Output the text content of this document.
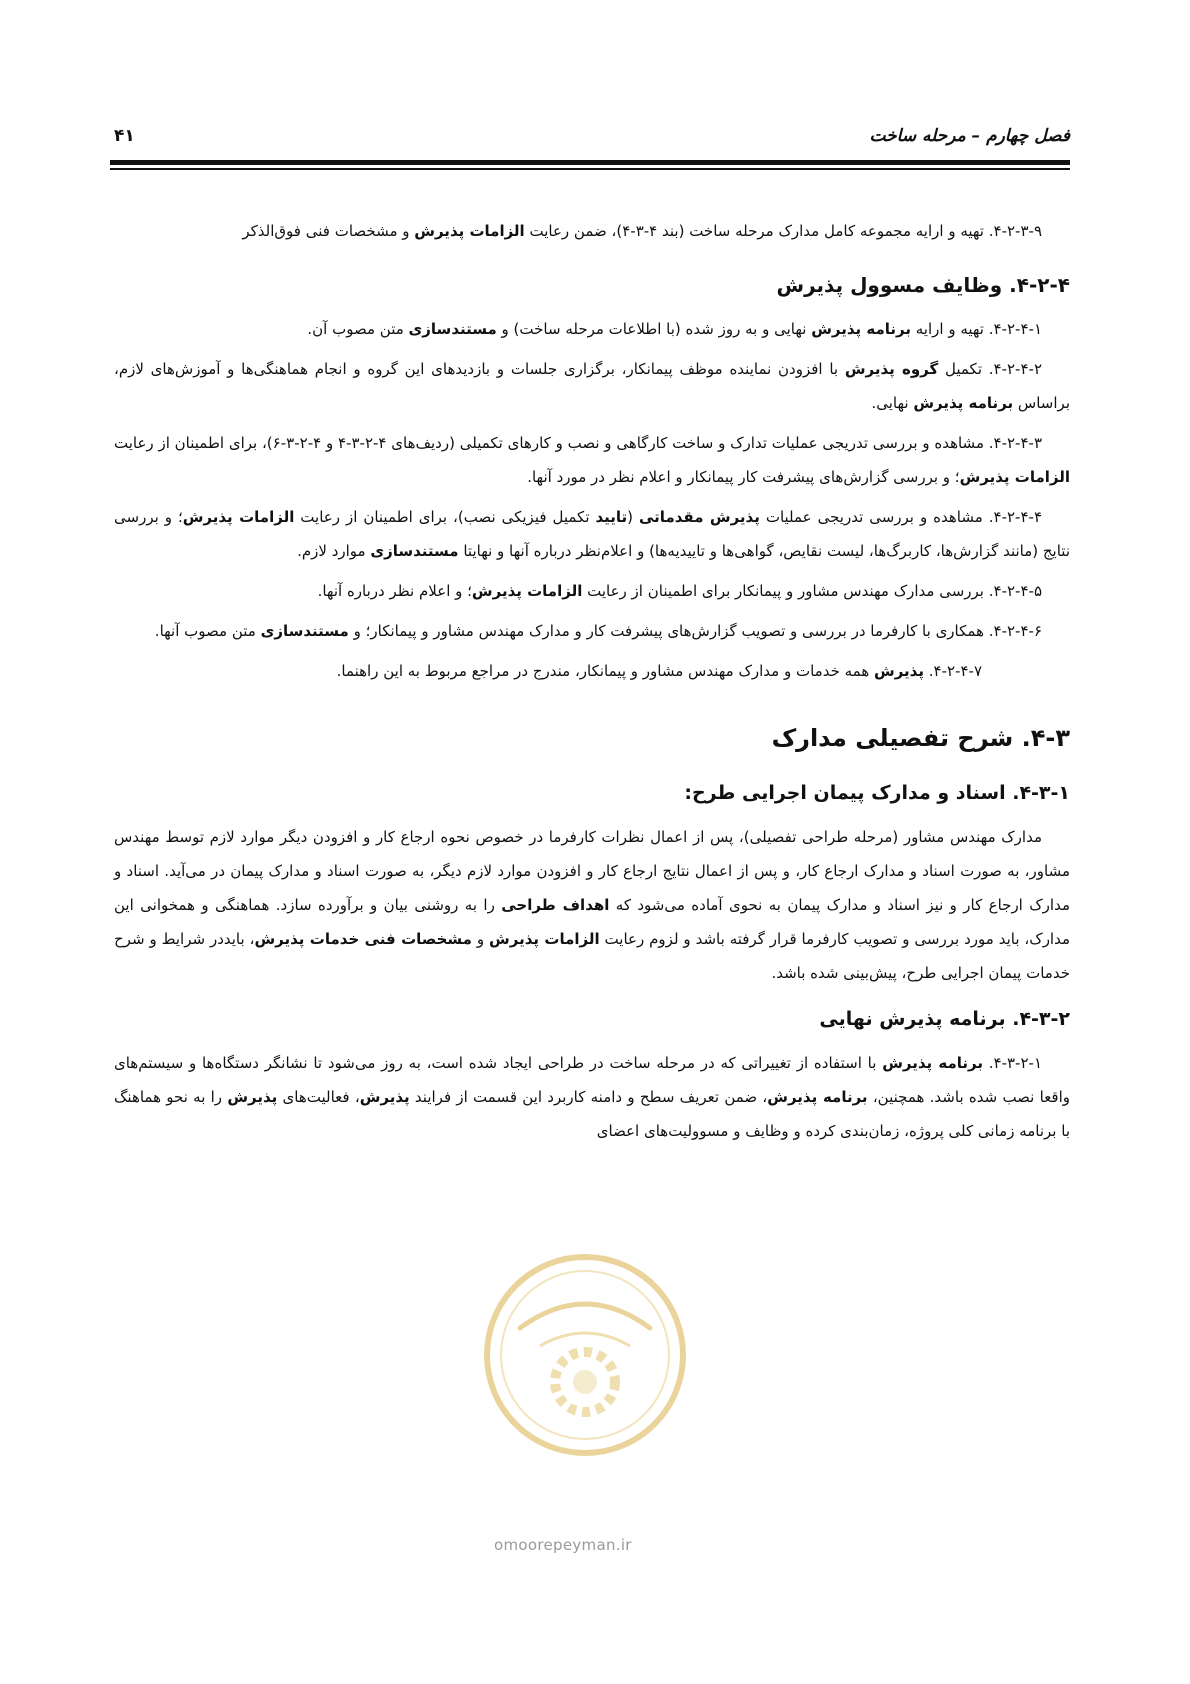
فصل چهارم – مرحله ساخت
۴۱

۴-۲-۳-۹. تهیه و ارایه مجموعه کامل مدارک مرحله ساخت (بند ۴-۳-۴)، ضمن رعایت الزامات پذیرش و مشخصات فنی فوق‌الذکر

۴-۲-۴. وظایف مسوول پذیرش

۴-۲-۴-۱. تهیه و ارایه برنامه پذیرش نهایی و به روز شده (با اطلاعات مرحله ساخت) و مستندسازی متن مصوب آن.

۴-۲-۴-۲. تکمیل گروه پذیرش با افزودن نماینده موظف پیمانکار، برگزاری جلسات و بازدیدهای این گروه و انجام هماهنگی‌ها و آموزش‌های لازم، براساس برنامه پذیرش نهایی.

۴-۲-۴-۳. مشاهده و بررسی تدریجی عملیات تدارک و ساخت کارگاهی و نصب و کارهای تکمیلی (ردیف‌های ۴-۲-۳-۴ و ۴-۲-۳-۶)، برای اطمینان از رعایت الزامات پذیرش؛ و بررسی گزارش‌های پیشرفت کار پیمانکار و اعلام نظر در مورد آنها.

۴-۲-۴-۴. مشاهده و بررسی تدریجی عملیات پذیرش مقدماتی (تایید تکمیل فیزیکی نصب)، برای اطمینان از رعایت الزامات پذیرش؛ و بررسی نتایج (مانند گزارش‌ها، کاربرگ‌ها، لیست نقایص، گواهی‌ها و تاییدیه‌ها) و اعلام‌نظر درباره آنها و نهایتا مستندسازی موارد لازم.

۴-۲-۴-۵. بررسی مدارک مهندس مشاور و پیمانکار برای اطمینان از رعایت الزامات پذیرش؛ و اعلام نظر درباره آنها.

۴-۲-۴-۶. همکاری با کارفرما در بررسی و تصویب گزارش‌های پیشرفت کار و مدارک مهندس مشاور و پیمانکار؛ و مستندسازی متن مصوب آنها.

۴-۲-۴-۷. پذیرش همه خدمات و مدارک مهندس مشاور و پیمانکار، مندرج در مراجع مربوط به این راهنما.

۴-۳. شرح تفصیلی مدارک
۴-۳-۱. اسناد و مدارک پیمان اجرایی طرح:

مدارک مهندس مشاور (مرحله طراحی تفصیلی)، پس از اعمال نظرات کارفرما در خصوص نحوه ارجاع کار و افزودن دیگر موارد لازم توسط مهندس مشاور، به صورت اسناد و مدارک ارجاع کار، و پس از اعمال نتایج ارجاع کار و افزودن موارد لازم دیگر، به صورت اسناد و مدارک پیمان در می‌آید. اسناد و مدارک ارجاع کار و نیز اسناد و مدارک پیمان به نحوی آماده می‌شود که اهداف طراحی را به روشنی بیان و برآورده سازد. هماهنگی و همخوانی این مدارک، باید مورد بررسی و تصویب کارفرما قرار گرفته باشد و لزوم رعایت الزامات پذیرش و مشخصات فنی خدمات پذیرش، بایددر شرایط و شرح خدمات پیمان اجرایی طرح، پیش‌بینی شده باشد.

۴-۳-۲. برنامه پذیرش نهایی

۴-۳-۲-۱. برنامه پذیرش با استفاده از تغییراتی که در مرحله ساخت در طراحی ایجاد شده است، به روز می‌شود تا نشانگر دستگاه‌ها و سیستم‌های واقعا نصب شده باشد. همچنین، برنامه پذیرش، ضمن تعریف سطح و دامنه کاربرد این قسمت از فرایند پذیرش، فعالیت‌های پذیرش را به نحو هماهنگ با برنامه زمانی کلی پروژه، زمان‌بندی کرده و وظایف و مسوولیت‌های اعضای

omoorepeyman.ir
